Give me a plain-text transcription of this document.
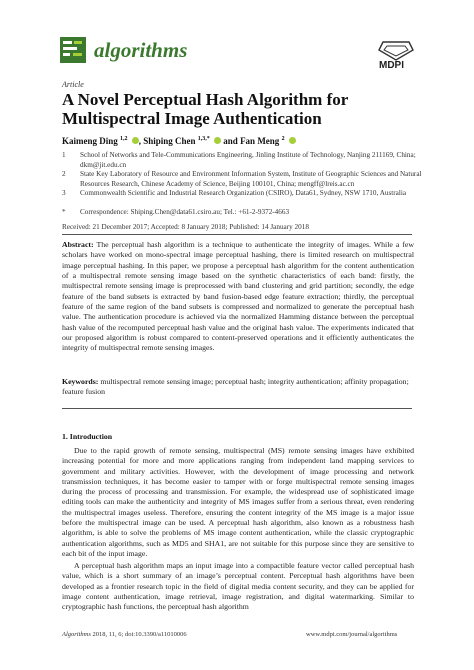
algorithms
MDPI
Article
A Novel Perceptual Hash Algorithm for Multispectral Image Authentication
Kaimeng Ding $^{1,2}$ , Shiping Chen $^{1,3,*}$  and Fan Meng $^2$
1 School of Networks and Tele-Communications Engineering, Jinling Institute of Technology, Nanjing 211169, China; dkm@jit.edu.cn
2 State Key Laboratory of Resource and Environment Information System, Institute of Geographic Sciences and Natural Resources Research, Chinese Academy of Science, Beijing 100101, China; mengff@lreis.ac.cn
3 Commonwealth Scientific and Industrial Research Organization (CSIRO), Data61, Sydney, NSW 1710, Australia
* Correspondence: Shiping.Chen@data61.csiro.au; Tel.: +61-2-9372-4663
Received: 21 December 2017; Accepted: 8 January 2018; Published: 14 January 2018
Abstract: The perceptual hash algorithm is a technique to authenticate the integrity of images. While a few scholars have worked on mono-spectral image perceptual hashing, there is limited research on multispectral image perceptual hashing. In this paper, we propose a perceptual hash algorithm for the content authentication of a multispectral remote sensing image based on the synthetic characteristics of each band: firstly, the multispectral remote sensing image is preprocessed with band clustering and grid partition; secondly, the edge feature of the band subsets is extracted by band fusion-based edge feature extraction; thirdly, the perceptual feature of the same region of the band subsets is compressed and normalized to generate the perceptual hash value. The authentication procedure is achieved via the normalized Hamming distance between the perceptual hash value of the recomputed perceptual hash value and the original hash value. The experiments indicated that our proposed algorithm is robust compared to content-preserved operations and it efficiently authenticates the integrity of multispectral remote sensing images.
Keywords: multispectral remote sensing image; perceptual hash; integrity authentication; affinity propagation; feature fusion
1. Introduction
Due to the rapid growth of remote sensing, multispectral (MS) remote sensing images have exhibited increasing potential for more and more applications ranging from independent land mapping services to government and military activities. However, with the development of image processing and network transmission techniques, it has become easier to tamper with or forge multispectral remote sensing images during the process of processing and transmission. For example, the widespread use of sophisticated image editing tools can make the authenticity and integrity of MS images suffer from a serious threat, even rendering the multispectral images useless. Therefore, ensuring the content integrity of the MS image is a major issue before the multispectral image can be used. A perceptual hash algorithm, also known as a robustness hash algorithm, is able to solve the problems of MS image content authentication, while the classic cryptographic authentication algorithms, such as MD5 and SHA1, are not suitable for this purpose since they are sensitive to each bit of the input image.
A perceptual hash algorithm maps an input image into a compactible feature vector called perceptual hash value, which is a short summary of an image’s perceptual content. Perceptual hash algorithms have been developed as a frontier research topic in the field of digital media content security, and they can be applied for image content authentication, image retrieval, image registration, and digital watermarking. Similar to cryptographic hash functions, the perceptual hash algorithm
Algorithms 2018, 11, 6; doi:10.3390/a11010006	www.mdpi.com/journal/algorithms
